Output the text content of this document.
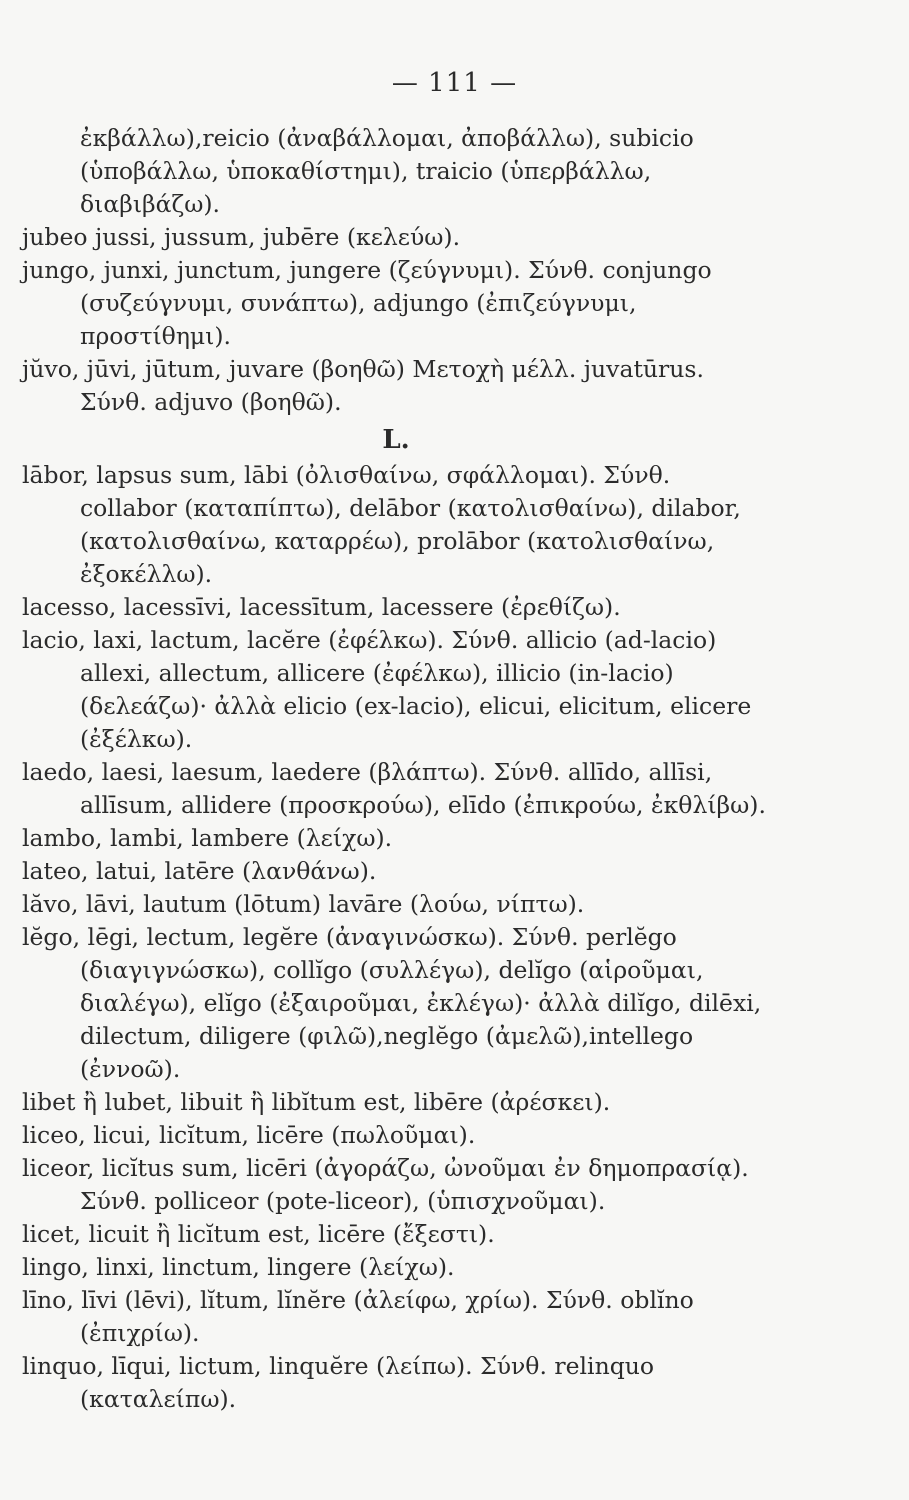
— 111 —

ἐκβάλλω),reicio (ἀναβάλλομαι, ἀποβάλλω), subicio (ὑποβάλλω, ὑποκαθίστημι), traicio (ὑπερβάλλω, διαβιβάζω).

jubeo jussi, jussum, jubēre (κελεύω).

jungo, junxi, junctum, jungere (ζεύγνυμι). Σύνθ. conjungo (συζεύγνυμι, συνάπτω), adjungo (ἐπιζεύγνυμι, προστίθημι).

jŭvo, jūvi, jūtum, juvare (βοηθῶ) Μετοχὴ μέλλ. juvatūrus. Σύνθ. adjuvo (βοηθῶ).

L.

lābor, lapsus sum, lābi (ὀλισθαίνω, σφάλλομαι). Σύνθ. collabor (καταπίπτω), delābor (κατολισθαίνω), dilabor, (κατολισθαίνω, καταρρέω), prolābor (κατολισθαίνω, ἐξοκέλλω).

lacesso, lacessīvi, lacessītum, lacessere (ἐρεθίζω).

lacio, laxi, lactum, lacĕre (ἐφέλκω). Σύνθ. allicio (ad-lacio) allexi, allectum, allicere (ἐφέλκω), illicio (in-lacio) (δελεάζω)· ἀλλὰ elicio (ex-lacio), elicui, elicitum, elicere (ἐξέλκω).

laedo, laesi, laesum, laedere (βλάπτω). Σύνθ. allīdo, allīsi, allīsum, allidere (προσκρούω), elīdo (ἐπικρούω, ἐκθλίβω).

lambo, lambi, lambere (λείχω).

lateo, latui, latēre (λανθάνω).

lăvo, lāvi, lautum (lōtum) lavāre (λούω, νίπτω).

lĕgo, lēgi, lectum, legĕre (ἀναγινώσκω). Σύνθ. perlĕgo (διαγιγνώσκω), collĭgo (συλλέγω), delĭgo (αἱροῦμαι, διαλέγω), elĭgo (ἐξαιροῦμαι, ἐκλέγω)· ἀλλὰ dilĭgo, dilēxi, dilectum, diligere (φιλῶ),neglĕgo (ἀμελῶ),intellego (ἐννοῶ).

libet ἢ lubet, libuit ἢ libĭtum est, libēre (ἀρέσκει).

liceo, licui, licĭtum, licēre (πωλοῦμαι).

liceor, licĭtus sum, licēri (ἀγοράζω, ὠνοῦμαι ἐν δημοπρασίᾳ). Σύνθ. polliceor (pote-liceor), (ὑπισχνοῦμαι).

licet, licuit ἢ licĭtum est, licēre (ἔξεστι).

lingo, linxi, linctum, lingere (λείχω).

līno, līvi (lēvi), lĭtum, lĭnĕre (ἀλείφω, χρίω). Σύνθ. oblĭno (ἐπιχρίω).

linquo, līqui, lictum, linquĕre (λείπω). Σύνθ. relinquo (καταλείπω).
